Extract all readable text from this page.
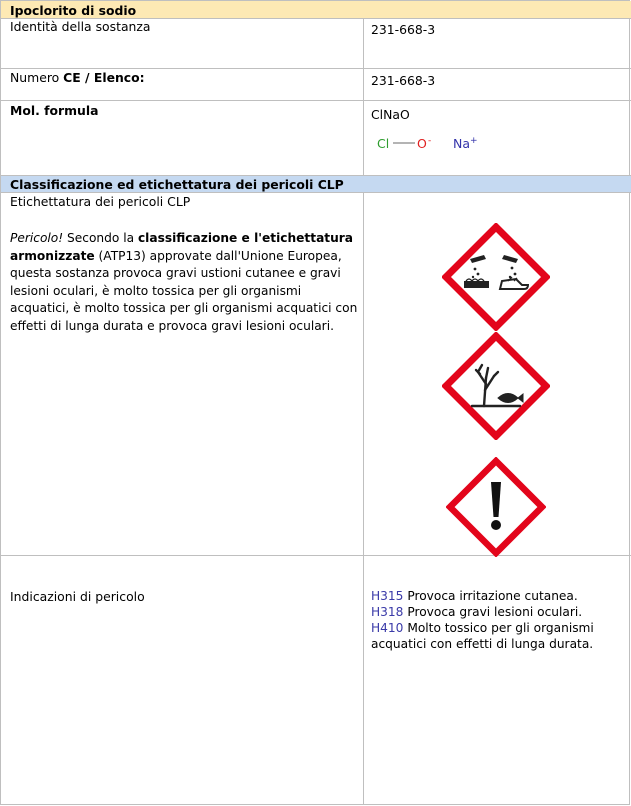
Ipoclorito di sodio
Identità della sostanza	231-668-3
Numero CE / Elenco:	231-668-3
Mol. formula	ClNaO
Cl O - Na +
Classificazione ed etichettatura dei pericoli CLP
Etichettatura dei pericoli CLP
Pericolo! Secondo la classificazione e l'etichettatura armonizzate (ATP13) approvate dall'Unione Europea, questa sostanza provoca gravi ustioni cutanee e gravi lesioni oculari, è molto tossica per gli organismi acquatici, è molto tossica per gli organismi acquatici con effetti di lunga durata e provoca gravi lesioni oculari.
Indicazioni di pericolo	H315 Provoca irritazione cutanea.
H318 Provoca gravi lesioni oculari.
H410 Molto tossico per gli organismi acquatici con effetti di lunga durata.
